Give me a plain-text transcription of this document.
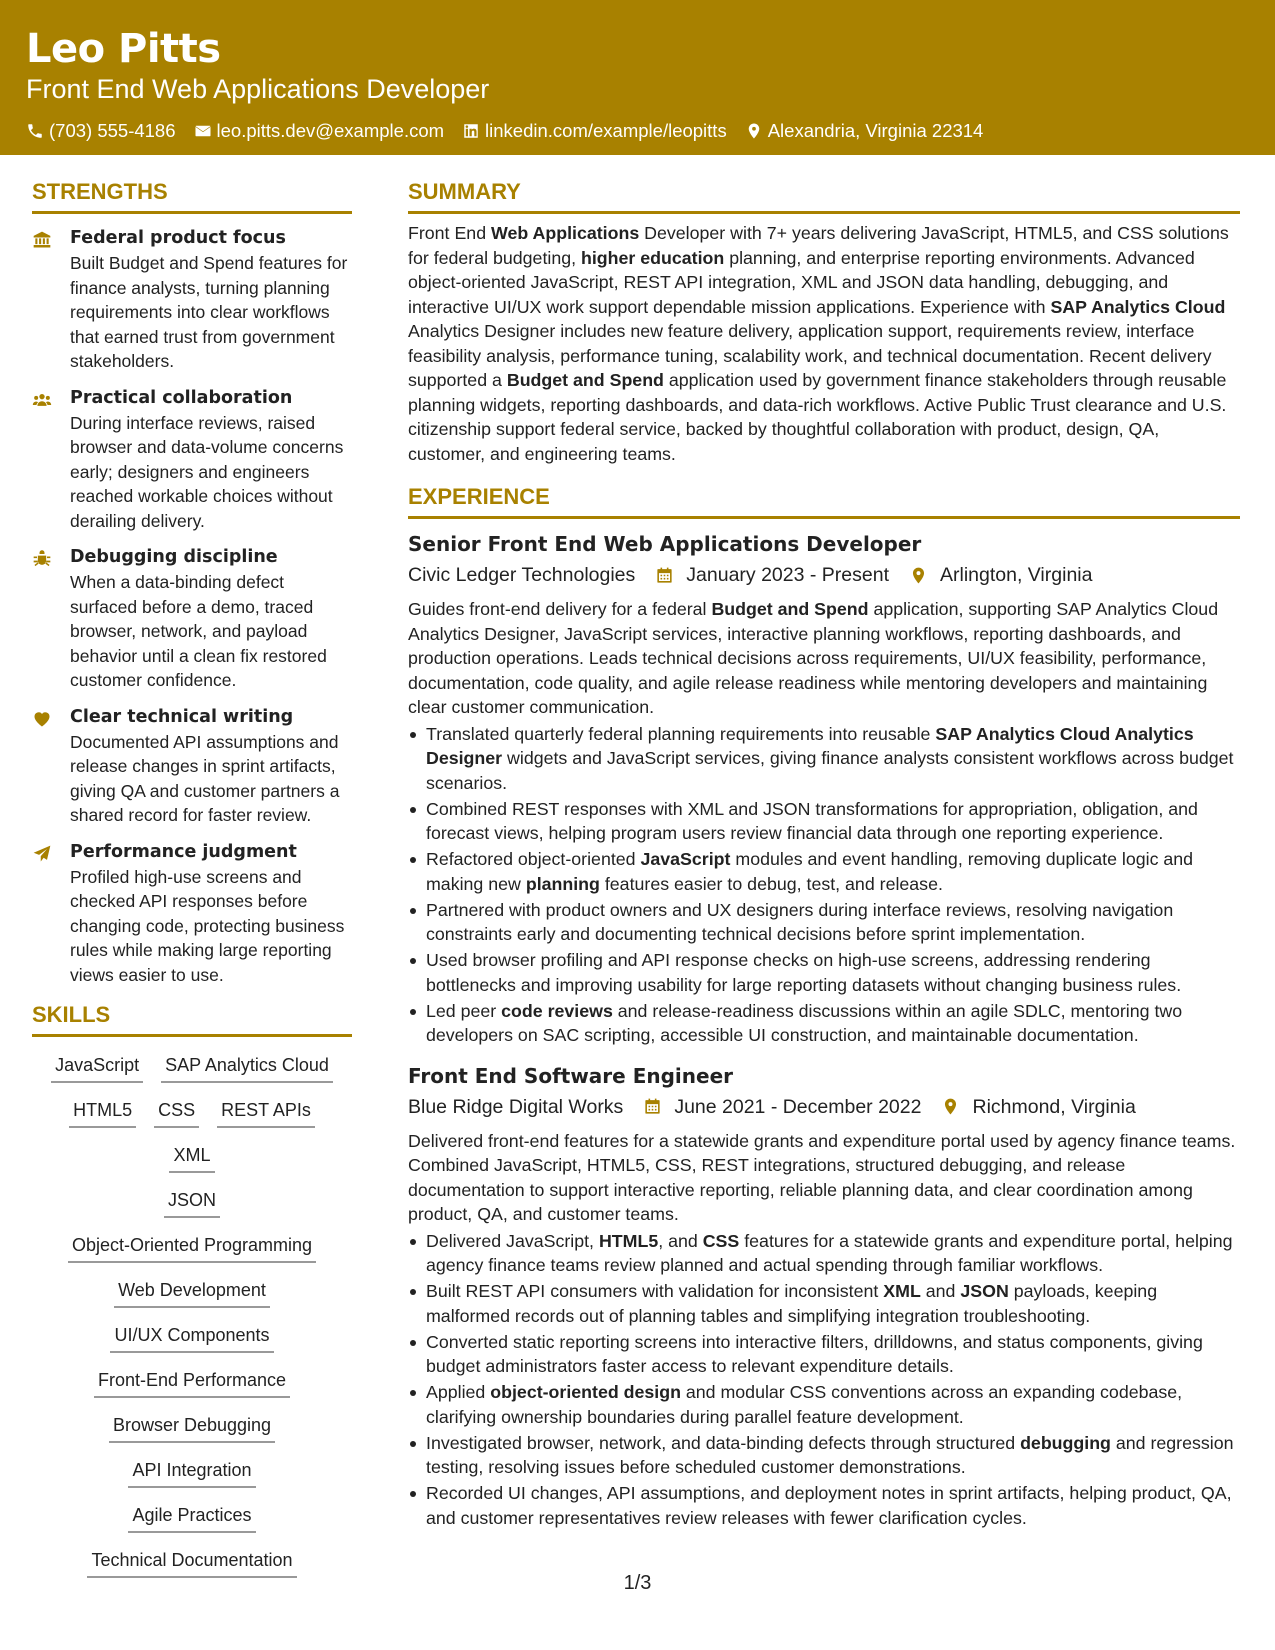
Leo Pitts
Front End Web Applications Developer
(703) 555-4186 leo.pitts.dev@example.com linkedin.com/example/leopitts Alexandria, Virginia 22314
STRENGTHS
Federal product focus
Built Budget and Spend features for finance analysts, turning planning requirements into clear workflows that earned trust from government stakeholders.
Practical collaboration
During interface reviews, raised browser and data-volume concerns early; designers and engineers reached workable choices without derailing delivery.
Debugging discipline
When a data-binding defect surfaced before a demo, traced browser, network, and payload behavior until a clean fix restored customer confidence.
Clear technical writing
Documented API assumptions and release changes in sprint artifacts, giving QA and customer partners a shared record for faster review.
Performance judgment
Profiled high-use screens and checked API responses before changing code, protecting business rules while making large reporting views easier to use.
SKILLS
JavaScript SAP Analytics Cloud
HTML5 CSS REST APIs
XML
JSON
Object-Oriented Programming
Web Development
UI/UX Components
Front-End Performance
Browser Debugging
API Integration
Agile Practices
Technical Documentation
SUMMARY
Front End Web Applications Developer with 7+ years delivering JavaScript, HTML5, and CSS solutions for federal budgeting, higher education planning, and enterprise reporting environments. Advanced object-oriented JavaScript, REST API integration, XML and JSON data handling, debugging, and interactive UI/UX work support dependable mission applications. Experience with SAP Analytics Cloud Analytics Designer includes new feature delivery, application support, requirements review, interface feasibility analysis, performance tuning, scalability work, and technical documentation. Recent delivery supported a Budget and Spend application used by government finance stakeholders through reusable planning widgets, reporting dashboards, and data-rich workflows. Active Public Trust clearance and U.S. citizenship support federal service, backed by thoughtful collaboration with product, design, QA, customer, and engineering teams.
EXPERIENCE
Senior Front End Web Applications Developer
Civic Ledger Technologies	January 2023 - Present	Arlington, Virginia
Guides front-end delivery for a federal Budget and Spend application, supporting SAP Analytics Cloud Analytics Designer, JavaScript services, interactive planning workflows, reporting dashboards, and production operations. Leads technical decisions across requirements, UI/UX feasibility, performance, documentation, code quality, and agile release readiness while mentoring developers and maintaining clear customer communication.
Translated quarterly federal planning requirements into reusable SAP Analytics Cloud Analytics Designer widgets and JavaScript services, giving finance analysts consistent workflows across budget scenarios.
Combined REST responses with XML and JSON transformations for appropriation, obligation, and forecast views, helping program users review financial data through one reporting experience.
Refactored object-oriented JavaScript modules and event handling, removing duplicate logic and making new planning features easier to debug, test, and release.
Partnered with product owners and UX designers during interface reviews, resolving navigation constraints early and documenting technical decisions before sprint implementation.
Used browser profiling and API response checks on high-use screens, addressing rendering bottlenecks and improving usability for large reporting datasets without changing business rules.
Led peer code reviews and release-readiness discussions within an agile SDLC, mentoring two developers on SAC scripting, accessible UI construction, and maintainable documentation.
Front End Software Engineer
Blue Ridge Digital Works	June 2021 - December 2022	Richmond, Virginia
Delivered front-end features for a statewide grants and expenditure portal used by agency finance teams. Combined JavaScript, HTML5, CSS, REST integrations, structured debugging, and release documentation to support interactive reporting, reliable planning data, and clear coordination among product, QA, and customer teams.
Delivered JavaScript, HTML5, and CSS features for a statewide grants and expenditure portal, helping agency finance teams review planned and actual spending through familiar workflows.
Built REST API consumers with validation for inconsistent XML and JSON payloads, keeping malformed records out of planning tables and simplifying integration troubleshooting.
Converted static reporting screens into interactive filters, drilldowns, and status components, giving budget administrators faster access to relevant expenditure details.
Applied object-oriented design and modular CSS conventions across an expanding codebase, clarifying ownership boundaries during parallel feature development.
Investigated browser, network, and data-binding defects through structured debugging and regression testing, resolving issues before scheduled customer demonstrations.
Recorded UI changes, API assumptions, and deployment notes in sprint artifacts, helping product, QA, and customer representatives review releases with fewer clarification cycles.
1/3
